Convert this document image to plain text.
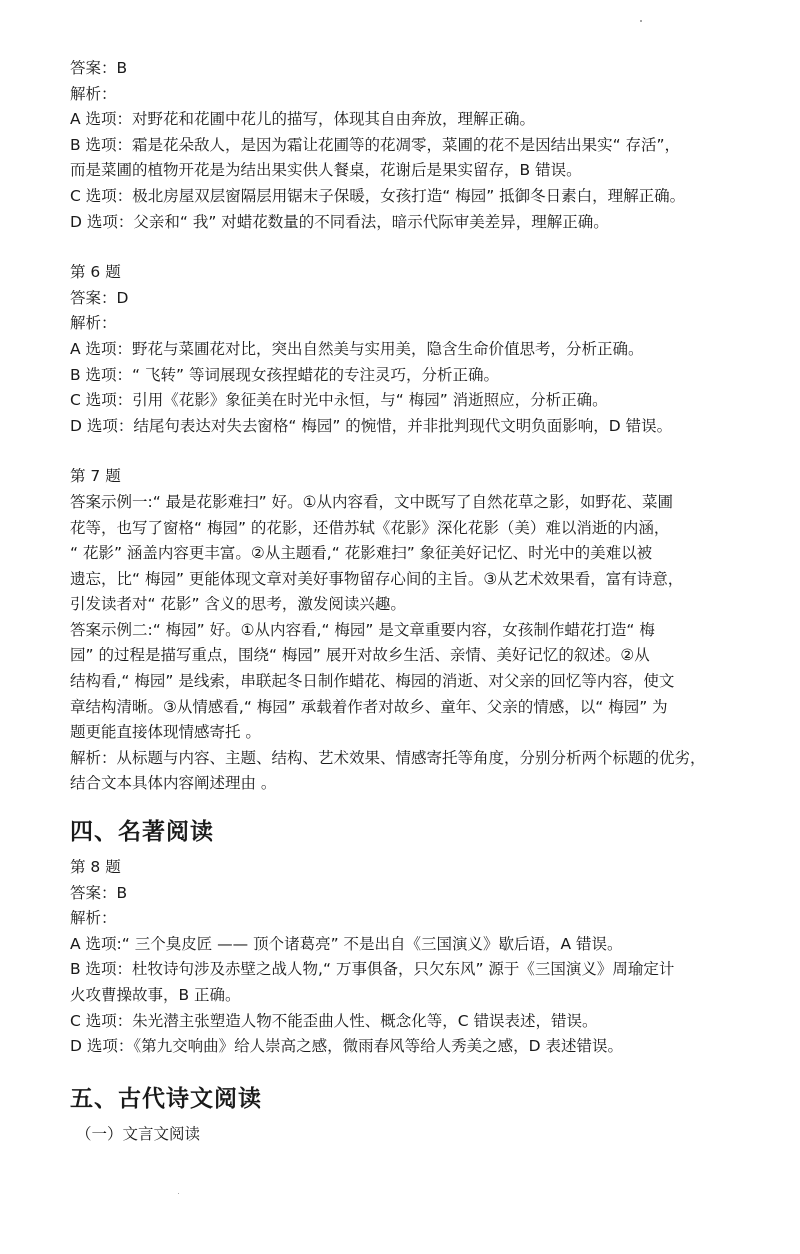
答案：B
解析：
A 选项：对野花和花圃中花儿的描写，体现其自由奔放，理解正确。
B 选项：霜是花朵敌人，是因为霜让花圃等的花凋零，菜圃的花不是因结出果实“ 存活”，
而是菜圃的植物开花是为结出果实供人餐桌，花谢后是果实留存，B 错误。
C 选项：极北房屋双层窗隔层用锯末子保暖，女孩打造“ 梅园” 抵御冬日素白，理解正确。
D 选项：父亲和“ 我” 对蜡花数量的不同看法，暗示代际审美差异，理解正确。
第 6 题
答案：D
解析：
A 选项：野花与菜圃花对比，突出自然美与实用美，隐含生命价值思考，分析正确。
B 选项：“ 飞转” 等词展现女孩捏蜡花的专注灵巧，分析正确。
C 选项：引用《花影》象征美在时光中永恒，与“ 梅园” 消逝照应，分析正确。
D 选项：结尾句表达对失去窗格“ 梅园” 的惋惜，并非批判现代文明负面影响，D 错误。
第 7 题
答案示例一:“ 最是花影难扫” 好。①从内容看，文中既写了自然花草之影，如野花、菜圃
花等，也写了窗格“ 梅园” 的花影，还借苏轼《花影》深化花影（美）难以消逝的内涵，
“ 花影” 涵盖内容更丰富。②从主题看,“ 花影难扫” 象征美好记忆、时光中的美难以被
遗忘，比“ 梅园” 更能体现文章对美好事物留存心间的主旨。③从艺术效果看，富有诗意，
引发读者对“ 花影” 含义的思考，激发阅读兴趣。
答案示例二:“ 梅园” 好。①从内容看,“ 梅园” 是文章重要内容，女孩制作蜡花打造“ 梅
园” 的过程是描写重点，围绕“ 梅园” 展开对故乡生活、亲情、美好记忆的叙述。②从
结构看,“ 梅园” 是线索，串联起冬日制作蜡花、梅园的消逝、对父亲的回忆等内容，使文
章结构清晰。③从情感看,“ 梅园” 承载着作者对故乡、童年、父亲的情感，以“ 梅园” 为
题更能直接体现情感寄托 。
解析：从标题与内容、主题、结构、艺术效果、情感寄托等角度，分别分析两个标题的优劣，
结合文本具体内容阐述理由 。
四、名著阅读
第 8 题
答案：B
解析：
A 选项:“ 三个臭皮匠 —— 顶个诸葛亮” 不是出自《三国演义》歇后语，A 错误。
B 选项：杜牧诗句涉及赤壁之战人物,“ 万事俱备，只欠东风” 源于《三国演义》周瑜定计
火攻曹操故事，B 正确。
C 选项：朱光潜主张塑造人物不能歪曲人性、概念化等，C 错误表述，错误。
D 选项：《第九交响曲》给人崇高之感，微雨春风等给人秀美之感，D 表述错误。
五、古代诗文阅读
（一）文言文阅读
